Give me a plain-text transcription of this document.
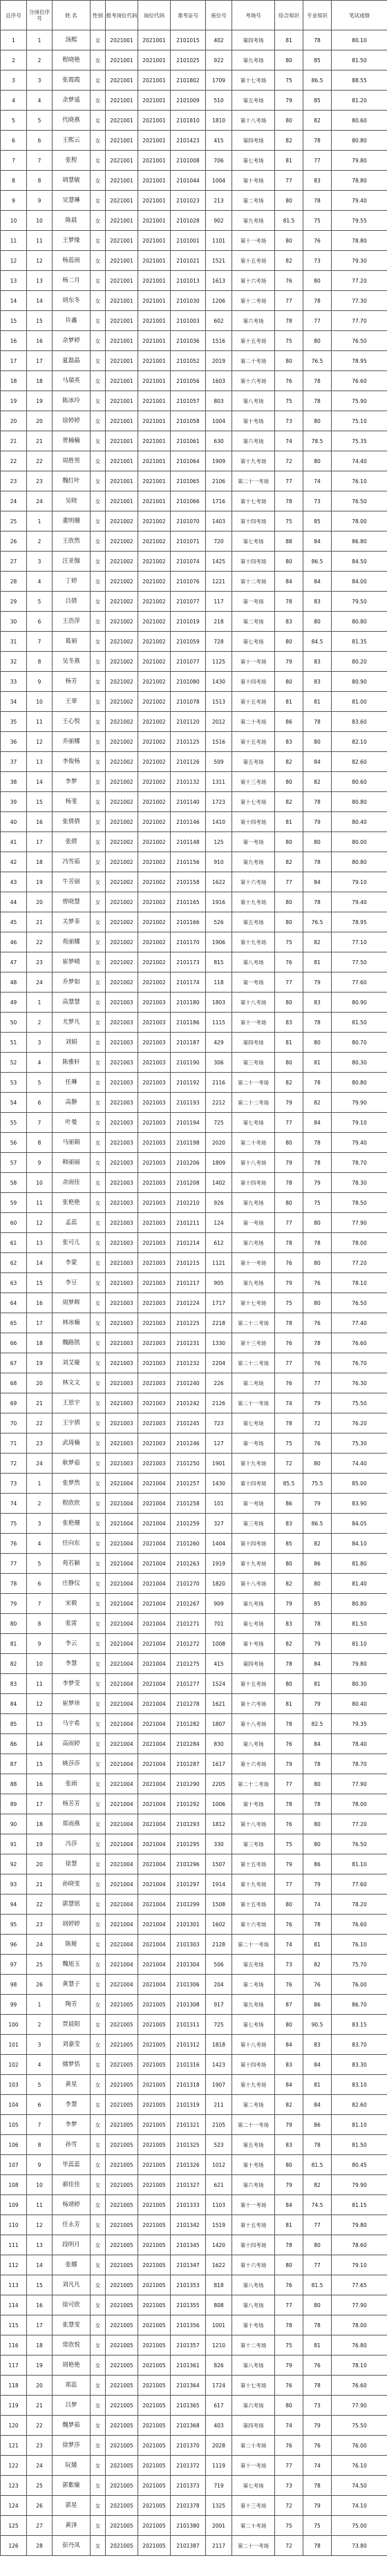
总序号	分岗位序号	姓 名	性别	报考岗位代码	岗位代码	准考证号	座位号	考场号	综合知识	专业知识	笔试成绩
1	1	汤熙	女	2021001	2021001	2101015	402	第四考场	81	78	80.10
2	2	程晓艳	女	2021001	2021001	2101025	922	第九考场	80	85	81.50
3	3	张霞霞	女	2021001	2021001	2101802	1709	第十七考场	75	86.5	88.55
4	4	余梦遥	女	2021001	2021001	2101009	510	第五考场	79	85	81.20
5	5	代晓燕	女	2021001	2021001	2101810	1810	第十八考场	80	82	80.60
6	6	王熙云	女	2021001	2021001	2101423	415	第四考场	82	78	80.80
7	7	张程	女	2021001	2021001	2101008	706	第七考场	81	77	79.80
8	8	胡慧敏	女	2021001	2021001	2101044	1004	第十考场	77	83	78.80
9	9	吴慧琳	女	2021001	2021001	2101023	213	第二考场	80	78	79.40
10	10	陈晨	女	2021001	2021001	2101028	902	第九考场	81.5	75	79.55
11	11	王梦缘	女	2021001	2021001	2101001	1101	第十一考场	80	76	78.80
12	12	杨蕊雨	女	2021001	2021001	2101021	1521	第十五考场	82	73	79.30
13	13	杨二月	女	2021001	2021001	2101013	1613	第十六考场	76	80	77.20
14	14	胡东冬	女	2021001	2021001	2101030	1206	第十二考场	77	78	77.30
15	15	许鑫	女	2021001	2021001	2101003	602	第六考场	78	77	77.70
16	16	余梦婷	女	2021001	2021001	2101036	1516	第十五考场	75	80	76.50
17	17	夏磊晶	女	2021001	2021001	2101052	2019	第二十考场	80	76.5	78.95
18	18	马瑞英	女	2021001	2021001	2101056	1603	第十六考场	76	78	76.60
19	19	陈冰玲	女	2021001	2021001	2101057	803	第八考场	75	78	75.90
20	20	徐婷婷	女	2021001	2021001	2101058	1004	第十考场	73	80	75.10
21	21	贺楠楠	女	2021001	2021001	2101061	630	第六考场	74	78.5	75.35
22	22	周胜男	女	2021001	2021001	2101064	1909	第十九考场	72	80	74.40
23	23	魏红叶	女	2021001	2021001	2101065	2106	第二十一考场	77	74	76.10
24	24	吴晓	女	2021001	2021001	2101066	1716	第十七考场	78	73	76.50
25	1	董明珊	女	2021002	2021002	2101070	1403	第十四考场	75	85	78.00
26	2	王欣然	女	2021002	2021002	2101071	720	第七考场	88	84	86.80
27	3	汪亚伽	女	2021002	2021002	2101074	1425	第十四考场	80	86.5	84.50
28	4	丁婷	女	2021002	2021002	2101076	1221	第十二考场	84	84	84.00
29	5	吕倩	女	2021002	2021002	2101077	117	第一考场	78	83	79.50
30	6	王浩萍	女	2021002	2021002	2101019	218	第二考场	83	80	80.80
31	7	葛丽	女	2021002	2021002	2101059	728	第七考场	80	84.5	81.35
32	8	吴冬燕	女	2021002	2021002	2101077	1125	第十一考场	79	83	80.20
33	9	杨芳	女	2021002	2021002	2101080	1430	第十四考场	80	83	80.90
34	10	王翠	女	2021002	2021002	2101078	1513	第十五考场	81	81	81.00
35	11	王心悦	女	2021002	2021002	2101120	2012	第二十考场	86	78	83.60
36	12	乔丽娜	女	2021002	2021002	2101125	1516	第十五考场	83	80	82.10
37	13	李俊杨	女	2021002	2021002	2101126	509	第五考场	82	84	82.60
38	14	李梦	女	2021002	2021002	2101132	1311	第十三考场	80	82	80.60
39	15	杨斐	女	2021002	2021002	2101140	1723	第十七考场	82	78	80.80
40	16	张倩倩	女	2021002	2021002	2101146	1410	第十四考场	81	79	80.40
41	17	张倩	女	2021002	2021002	2101148	125	第一考场	80	80	80.00
42	18	冯雪茹	女	2021002	2021002	2101156	910	第九考场	82	78	80.80
43	19	牛芳丽	女	2021002	2021002	2101158	1622	第十六考场	77	84	79.10
44	20	曾晓慧	女	2021002	2021002	2101165	1916	第十九考场	80	78	79.40
45	21	关梦菲	女	2021002	2021002	2101166	526	第五考场	80	76.5	78.95
46	22	苑丽娜	女	2021002	2021002	2101170	1906	第十九考场	75	82	77.10
47	23	崔梦晴	女	2021002	2021002	2101173	815	第八考场	76	81	77.50
48	24	乔梦如	女	2021002	2021002	2101174	118	第一考场	77	79	77.60
49	1	高慧慧	女	2021003	2021003	2101180	1803	第十八考场	80	83	80.90
50	2	尤梦凡	女	2021003	2021003	2101186	1115	第十一考场	83	78	81.50
51	3	刘娟	女	2021003	2021003	2101187	429	第四考场	81	80	80.70
52	4	陈雅轩	女	2021003	2021003	2101190	306	第三考场	80	81	80.30
53	5	任琳	女	2021003	2021003	2101192	2116	第二十一考场	82	78	80.80
54	6	高静	女	2021003	2021003	2101193	2212	第二十二考场	79	82	79.90
55	7	叶曼	女	2021003	2021003	2101194	725	第七考场	77	84	79.10
56	8	马丽娟	女	2021003	2021003	2101198	2020	第二十考场	80	78	79.40
57	9	韩丽丽	女	2021003	2021003	2101206	1809	第十八考场	79	78	78.70
58	10	余雨佳	女	2021003	2021003	2101208	1402	第十四考场	78	79	78.30
59	11	张艳艳	女	2021003	2021003	2101210	926	第九考场	80	75	78.50
60	12	孟蕊	女	2021003	2021003	2101211	124	第一考场	77	80	77.90
61	13	张可儿	女	2021003	2021003	2101214	612	第六考场	78	78	78.00
62	14	李蒙	女	2021003	2021003	2101215	1121	第十一考场	76	80	77.20
63	15	李豆	女	2021003	2021003	2101217	905	第九考场	79	76	78.10
64	16	周梦辉	女	2021003	2021003	2101224	1717	第十七考场	75	80	76.50
65	17	林冰楠	女	2021003	2021003	2101225	2218	第二十二考场	78	76	77.40
66	18	魏路凯	女	2021003	2021003	2101231	1330	第十三考场	76	78	76.60
67	19	刘艾璇	女	2021003	2021003	2101232	2204	第二十二考场	77	76	76.70
68	20	林文文	女	2021003	2021003	2101240	226	第二考场	76	77	76.30
69	21	王思宇	女	2021003	2021003	2101242	2126	第二十一考场	74	79	75.50
70	22	王宇倩	女	2021003	2021003	2101245	723	第七考场	78	72	76.20
71	23	武琦楠	女	2021003	2021003	2101246	127	第一考场	75	76	75.30
72	24	耿梦茹	女	2021003	2021003	2101250	1901	第十九考场	72	80	74.40
73	1	张梦然	女	2021004	2021004	2101257	1430	第十四考场	85.5	75.5	85.00
74	2	程欣欣	女	2021004	2021004	2101258	101	第一考场	86	79	83.90
75	3	张艳珊	女	2021004	2021004	2101259	327	第三考场	83	86.5	84.05
76	4	任向东	女	2021004	2021004	2101260	1404	第十四考场	85	82	84.10
77	5	苑若颖	女	2021004	2021004	2101263	1919	第十九考场	80	86	81.80
78	6	庄静仪	女	2021004	2021004	2101270	1820	第十八考场	82	80	81.40
79	7	宋毅	女	2021004	2021004	2101267	909	第九考场	79	85	80.80
80	8	张雷	女	2021004	2021004	2101271	701	第七考场	83	78	81.50
81	9	李云	女	2021004	2021004	2101272	1008	第十考场	82	79	81.10
82	10	李慧	女	2021004	2021004	2101275	415	第四考场	78	84	79.80
83	11	李梦莹	女	2021004	2021004	2101277	1524	第十五考场	80	81	80.30
84	12	崔梦珍	女	2021004	2021004	2101278	1621	第十六考场	81	79	80.40
85	13	马宇希	女	2021004	2021004	2101282	1807	第十八考场	78	82.5	79.35
86	14	高雨婷	女	2021004	2021004	2101284	830	第八考场	76	84	78.40
87	15	姚莎莎	女	2021004	2021004	2101287	1617	第十六考场	79	78	78.70
88	16	张雨	女	2021004	2021004	2101290	2205	第二十二考场	77	80	77.90
89	17	杨芳芳	女	2021004	2021004	2101292	1006	第十考场	78	78	78.00
90	18	郑雨燕	女	2021004	2021004	2101293	1812	第十八考场	76	80	77.20
91	19	冯莎	女	2021004	2021004	2101295	330	第三考场	75	80	76.50
92	20	徐慧	女	2021004	2021004	2101296	1507	第十五考场	79	86	81.10
93	21	孙晓雯	女	2021004	2021004	2101297	1914	第十九考场	77	79	77.60
94	22	郭慧铭	女	2021004	2021004	2101299	1508	第十五考场	80	74	78.20
95	23	胡婷婷	女	2021004	2021004	2101301	1602	第十六考场	76	78	76.60
96	24	陈娅	女	2021004	2021004	2101303	2128	第二十一考场	74	81	76.10
97	25	魏旭玉	女	2021004	2021004	2101304	506	第五考场	73	82	75.70
98	26	黄慧子	女	2021004	2021004	2101306	204	第二考场	76	76	76.00
99	1	陶芳	女	2021005	2021005	2101308	917	第九考场	87	86	86.70
100	2	贾晨阳	女	2021005	2021005	2101311	725	第七考场	80	90.5	83.15
101	3	刘嘉莹	女	2021005	2021005	2101312	1818	第十八考场	84	83	83.70
102	4	储梦恬	女	2021005	2021005	2101316	1423	第十四考场	83	84	83.30
103	5	黄星	女	2021005	2021005	2101318	1907	第十九考场	84	81	83.10
104	6	李慧	女	2021005	2021005	2101319	211	第二考场	82	84	82.60
105	7	李梦	女	2021005	2021005	2101321	2105	第二十一考场	79	86	81.10
106	8	孙雪	女	2021005	2021005	2101325	523	第五考场	83	78	81.50
107	9	毕蕊蕊	女	2021005	2021005	2101326	1012	第十考场	80	81.5	80.45
108	10	郝佳佳	女	2021005	2021005	2101327	621	第六考场	79	82	79.90
109	11	杨靖婷	女	2021005	2021005	2101333	1103	第十一考场	84	74.5	81.15
110	12	任永芳	女	2021005	2021005	2101342	1519	第十五考场	81	77	79.80
111	13	段明月	女	2021005	2021005	2101345	1420	第十四考场	78	80	78.60
112	14	张娜	女	2021005	2021005	2101347	1622	第十六考场	80	77	79.10
113	15	刘凡凡	女	2021005	2021005	2101353	818	第八考场	76	81.5	77.65
114	16	徐可欣	女	2021005	2021005	2101355	808	第八考场	77	80	77.90
115	17	张慧雯	女	2021005	2021005	2101356	1001	第十考场	78	78	78.00
116	18	常欣悦	女	2021005	2021005	2101357	1210	第十二考场	75	81	76.80
117	19	胡艳艳	女	2021005	2021005	2101361	826	第八考场	79	76	78.10
118	20	郑蕊	女	2021005	2021005	2101364	1724	第十七考场	76	78	76.60
119	21	吕梦	女	2021005	2021005	2101365	617	第六考场	80	73	77.90
120	22	魏梦茹	女	2021005	2021005	2101368	403	第四考场	74	79	75.50
121	23	徐梦莎	女	2021005	2021005	2101370	2028	第二十考场	76	76	76.00
122	24	阮媛	女	2021005	2021005	2101372	1119	第十一考场	77	74	76.10
123	25	郭紫璇	女	2021005	2021005	2101373	719	第七考场	73	78	74.50
124	26	郭星	女	2021005	2021005	2101378	1325	第十三考场	72	79	74.10
125	27	黄泽	女	2021005	2021005	2101380	2001	第二十考场	75	75	75.00
126	28	彭丹凤	女	2021005	2021005	2101387	2117	第二十一考场	72	78	73.80
